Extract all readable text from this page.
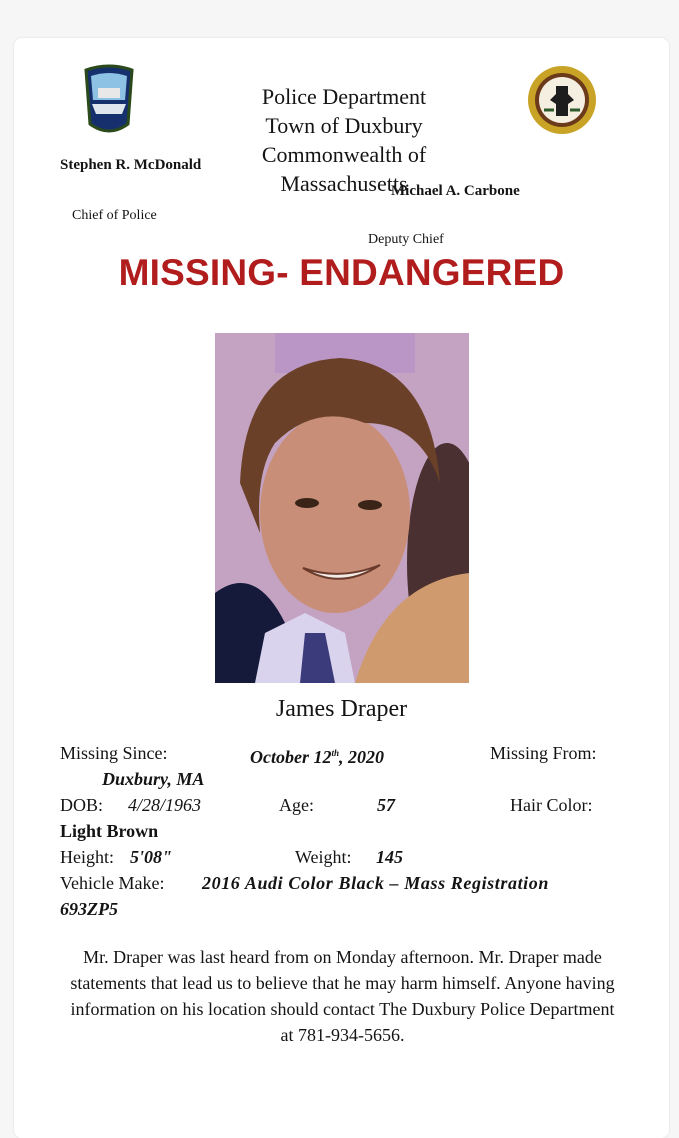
Police Department
Town of Duxbury
Commonwealth of
Massachusetts
Stephen R. McDonald
Chief of Police
Michael A. Carbone
Deputy Chief
MISSING- ENDANGERED
James Draper
Missing Since:	October 12th, 2020	Missing From:
Duxbury, MA
DOB: 4/28/1963	Age:	57	Hair Color:
Light Brown
Height: 5'08"	Weight: 145
Vehicle Make: 2016 Audi Color Black – Mass Registration
693ZP5
Mr. Draper was last heard from on Monday afternoon. Mr. Draper made statements that lead us to believe that he may harm himself. Anyone having information on his location should contact The Duxbury Police Department at 781-934-5656.
